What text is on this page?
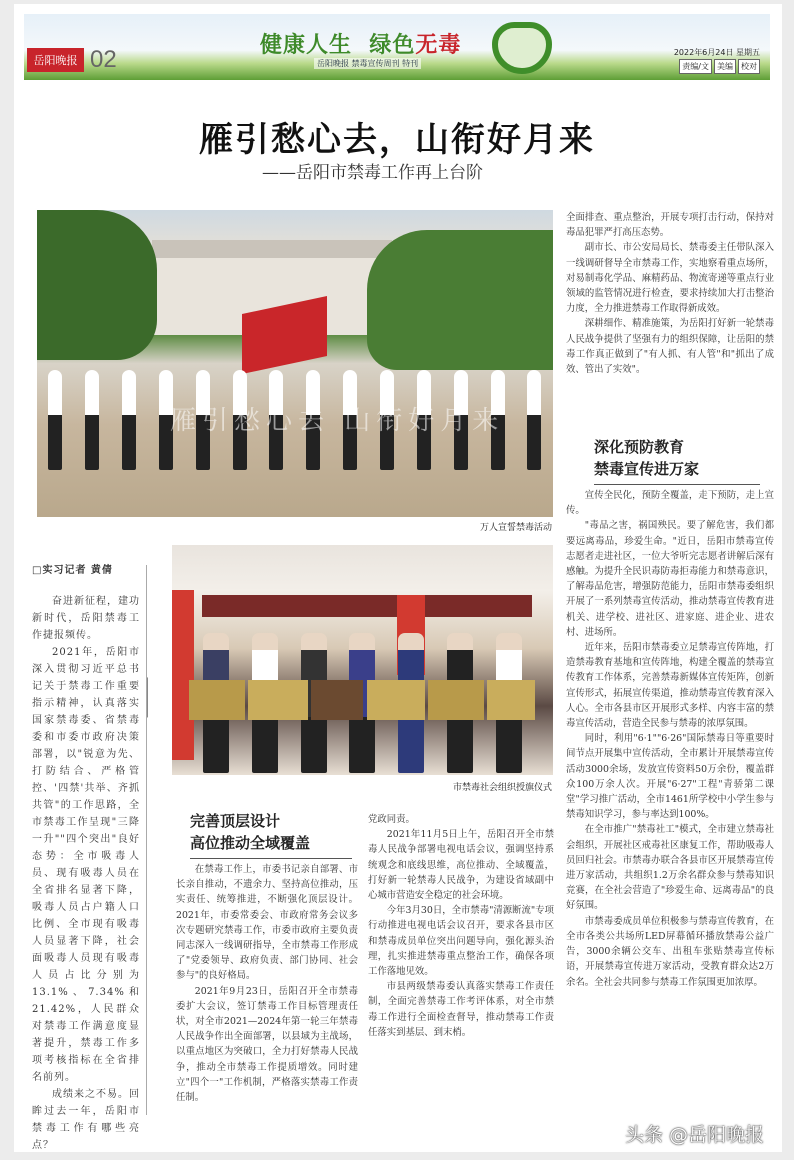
岳阳晚报 02
健康人生 绿色无毒
岳阳晚报 禁毒宣传周刊 特刊
2022年6月24日 星期五
责编/文 美编 校对
雁引愁心去，山衔好月来
——岳阳市禁毒工作再上台阶
雁引愁心去 山衔好月来
万人宣誓禁毒活动

全面排查、重点整治，开展专项打击行动，保持对毒品犯罪严打高压态势。

副市长、市公安局局长、禁毒委主任带队深入一线调研督导全市禁毒工作，实地察看重点场所，对易制毒化学品、麻精药品、物流寄递等重点行业领域的监管情况进行检查，要求持续加大打击整治力度，全力推进禁毒工作取得新成效。

深耕细作、精准施策，为岳阳打好新一轮禁毒人民战争提供了坚强有力的组织保障，让岳阳的禁毒工作真正做到了"有人抓、有人管"和"抓出了成效、管出了实效"。

深化预防教育
禁毒宣传进万家

宣传全民化，预防全覆盖，走下预防，走上宣传。

"毒品之害，祸国殃民。要了解危害，我们都要远离毒品，珍爱生命。"近日，岳阳市禁毒宣传志愿者走进社区，一位大爷听完志愿者讲解后深有感触。为提升全民识毒防毒拒毒能力和禁毒意识，了解毒品危害，增强防范能力，岳阳市禁毒委组织开展了一系列禁毒宣传活动，推动禁毒宣传教育进机关、进学校、进社区、进家庭、进企业、进农村、进场所。

近年来，岳阳市禁毒委立足禁毒宣传阵地，打造禁毒教育基地和宣传阵地，构建全覆盖的禁毒宣传教育工作体系，完善禁毒新媒体宣传矩阵，创新宣传形式，拓展宣传渠道，推动禁毒宣传教育深入人心。全市各县市区开展形式多样、内容丰富的禁毒宣传活动，营造全民参与禁毒的浓厚氛围。

同时，利用"6·1""6·26"国际禁毒日等重要时间节点开展集中宣传活动，全市累计开展禁毒宣传活动3000余场，发放宣传资料50万余份，覆盖群众100万余人次。开展"6·27"工程"青骄第二课堂"学习推广活动，全市1461所学校中小学生参与禁毒知识学习，参与率达到100%。

在全市推广"禁毒社工"模式，全市建立禁毒社会组织，开展社区戒毒社区康复工作，帮助吸毒人员回归社会。市禁毒办联合各县市区开展禁毒宣传进万家活动，共组织1.2万余名群众参与禁毒知识竞赛，在全社会营造了"珍爱生命、远离毒品"的良好氛围。

市禁毒委成员单位积极参与禁毒宣传教育，在全市各类公共场所LED屏幕循环播放禁毒公益广告，3000余辆公交车、出租车张贴禁毒宣传标语，开展禁毒宣传进万家活动，受教育群众达2万余名。全社会共同参与禁毒工作氛围更加浓厚。

□实习记者 黄倩

奋进新征程，建功新时代，岳阳禁毒工作捷报频传。

2021年，岳阳市深入贯彻习近平总书记关于禁毒工作重要指示精神，认真落实国家禁毒委、省禁毒委和市委市政府决策部署，以"锐意为先、打防结合、严格管控、'四禁'共举、齐抓共管"的工作思路，全市禁毒工作呈现"三降一升""四个突出"良好态势：全市吸毒人员、现有吸毒人员在全省排名显著下降，吸毒人员占户籍人口比例、全市现有吸毒人员显著下降，社会面吸毒人员现有吸毒人员占比分别为13.1%、7.34%和21.42%，人民群众对禁毒工作满意度显著提升，禁毒工作多项考核指标在全省排名前列。

成绩来之不易。回眸过去一年，岳阳市禁毒工作有哪些亮点？

市禁毒社会组织授旗仪式
完善顶层设计
高位推动全域覆盖

在禁毒工作上，市委书记亲自部署、市长亲自推动，不遗余力、坚持高位推动，压实责任、统筹推进，不断强化顶层设计。2021年，市委常委会、市政府常务会议多次专题研究禁毒工作，市委市政府主要负责同志深入一线调研指导，全市禁毒工作形成了"党委领导、政府负责、部门协同、社会参与"的良好格局。

2021年9月23日，岳阳召开全市禁毒委扩大会议，签订禁毒工作目标管理责任状，对全市2021—2024年第一轮三年禁毒人民战争作出全面部署，以县域为主战场，以重点地区为突破口，全力打好禁毒人民战争，推动全市禁毒工作提质增效。同时建立"四个一"工作机制，严格落实禁毒工作责任制。

党政同责。

2021年11月5日上午，岳阳召开全市禁毒人民战争部署电视电话会议，强调坚持系统观念和底线思维，高位推动、全域覆盖，打好新一轮禁毒人民战争，为建设省域副中心城市营造安全稳定的社会环境。

今年3月30日，全市禁毒"清源断流"专项行动推进电视电话会议召开，要求各县市区和禁毒成员单位突出问题导向，强化源头治理，扎实推进禁毒重点整治工作，确保各项工作落地见效。

市县两级禁毒委认真落实禁毒工作责任制，全面完善禁毒工作考评体系，对全市禁毒工作进行全面检查督导，推动禁毒工作责任落实到基层、到末梢。

头条 @岳阳晚报
